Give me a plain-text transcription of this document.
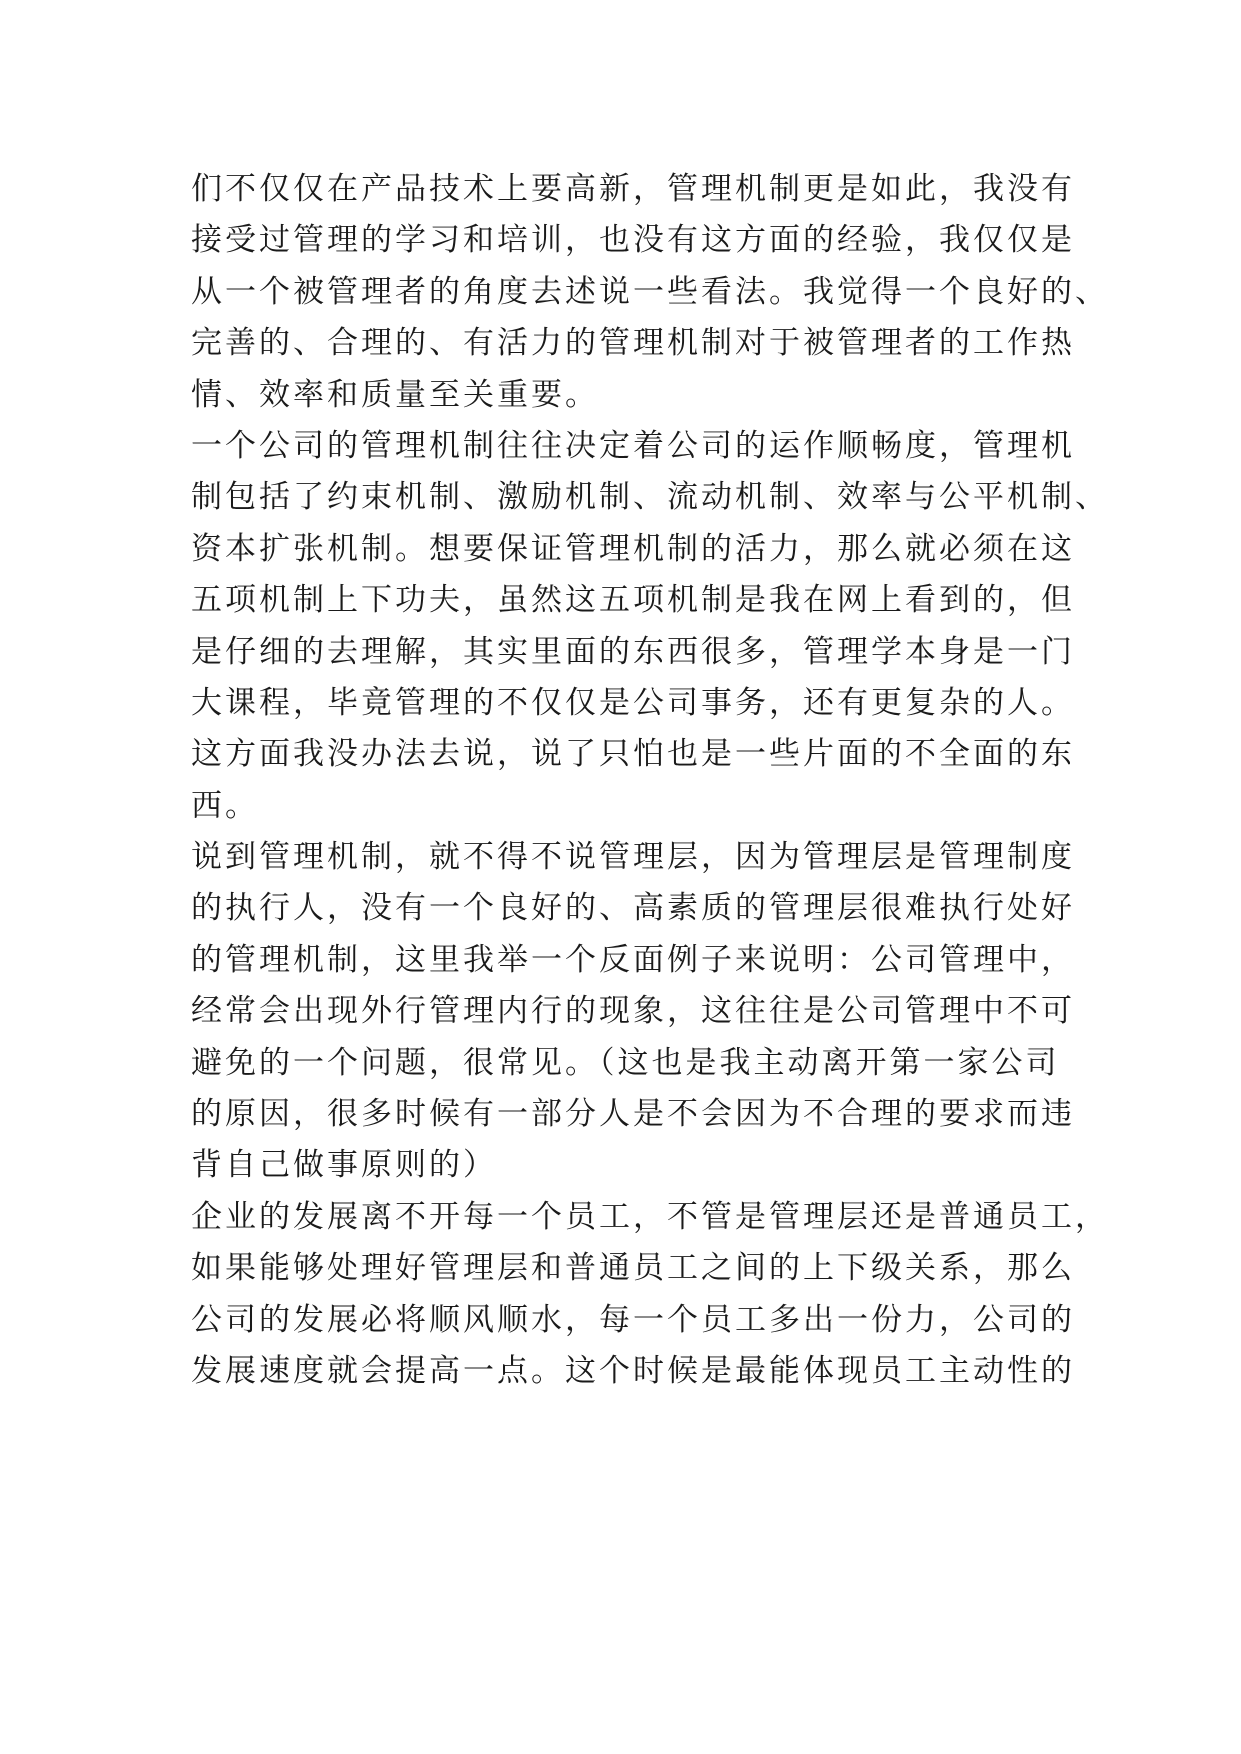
们不仅仅在产品技术上要高新，管理机制更是如此，我没有
接受过管理的学习和培训，也没有这方面的经验，我仅仅是
从一个被管理者的角度去述说一些看法。我觉得一个良好的、
完善的、合理的、有活力的管理机制对于被管理者的工作热
情、效率和质量至关重要。
一个公司的管理机制往往决定着公司的运作顺畅度，管理机
制包括了约束机制、激励机制、流动机制、效率与公平机制、
资本扩张机制。想要保证管理机制的活力，那么就必须在这
五项机制上下功夫，虽然这五项机制是我在网上看到的，但
是仔细的去理解，其实里面的东西很多，管理学本身是一门
大课程，毕竟管理的不仅仅是公司事务，还有更复杂的人。
这方面我没办法去说，说了只怕也是一些片面的不全面的东
西。
说到管理机制，就不得不说管理层，因为管理层是管理制度
的执行人，没有一个良好的、高素质的管理层很难执行处好
的管理机制，这里我举一个反面例子来说明：公司管理中，
经常会出现外行管理内行的现象，这往往是公司管理中不可
避免的一个问题，很常见。（这也是我主动离开第一家公司
的原因，很多时候有一部分人是不会因为不合理的要求而违
背自己做事原则的）
企业的发展离不开每一个员工，不管是管理层还是普通员工，
如果能够处理好管理层和普通员工之间的上下级关系，那么
公司的发展必将顺风顺水，每一个员工多出一份力，公司的
发展速度就会提高一点。这个时候是最能体现员工主动性的
